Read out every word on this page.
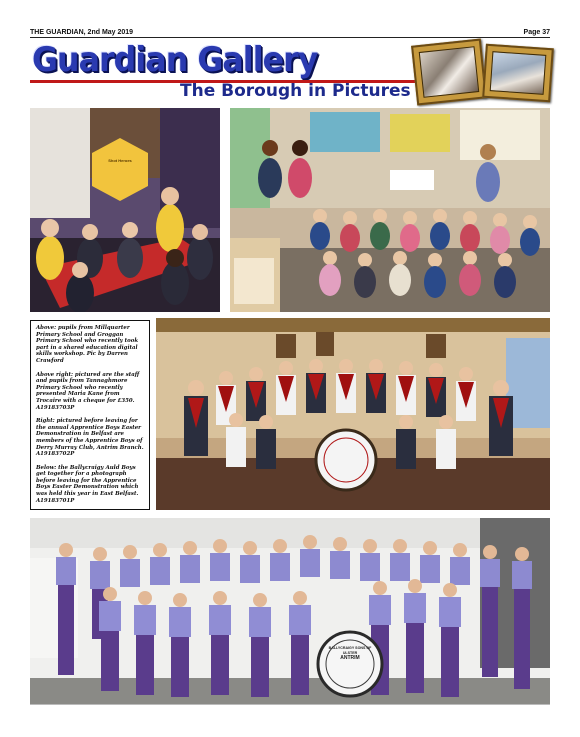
THE GUARDIAN, 2nd May 2019	Page 37
Guardian Gallery
The Borough in Pictures
Shot Heroes

Above: pupils from Millquarter Primary School and Groggan Primary School who recently took part in a shared education digital skills workshop. Pic by Darren Crawford

Above right: pictured are the staff and pupils from Tannaghmore Primary School who recently presented Maria Kane from Trocaire with a cheque for £350. A19183703P

Right: pictured before leaving for the annual Apprentice Boys Easter Demonstration in Belfast are members of the Apprentice Boys of Derry Murray Club, Antrim Branch. A19183702P

Below: the Ballycraigy Auld Boys get together for a photograph before leaving for the Apprentice Boys Easter Demonstration which was held this year in East Belfast. A19183701P

BALLYCRAIGY SONS OF ULSTER
ANTRIM
